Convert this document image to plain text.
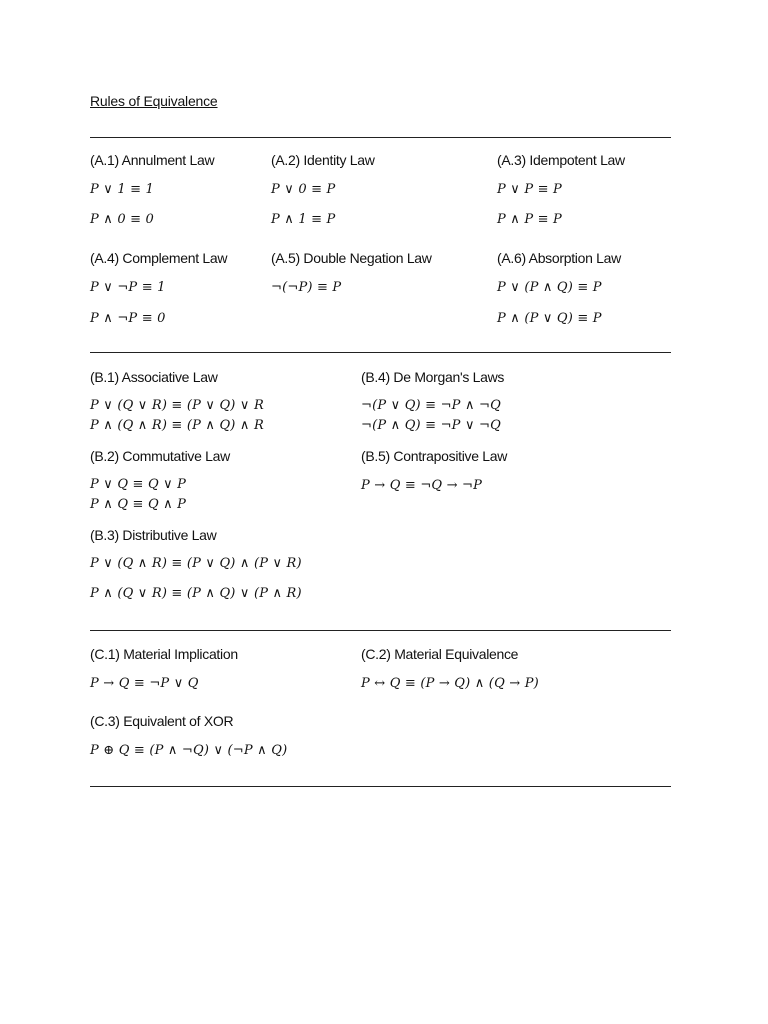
Rules of Equivalence
(A.1) Annulment Law
P ∨ 1 ≡ 1
P ∧ 0 ≡ 0
(A.2) Identity Law
P ∨ 0 ≡ P
P ∧ 1 ≡ P
(A.3) Idempotent Law
P ∨ P ≡ P
P ∧ P ≡ P
(A.4) Complement Law
P ∨ ¬P ≡ 1
P ∧ ¬P ≡ 0
(A.5) Double Negation Law
¬(¬P) ≡ P
(A.6) Absorption Law
P ∨ (P ∧ Q) ≡ P
P ∧ (P ∨ Q) ≡ P
(B.1) Associative Law
P ∨ (Q ∨ R) ≡ (P ∨ Q) ∨ R
P ∧ (Q ∧ R) ≡ (P ∧ Q) ∧ R
(B.2) Commutative Law
P ∨ Q ≡ Q ∨ P
P ∧ Q ≡ Q ∧ P
(B.3) Distributive Law
P ∨ (Q ∧ R) ≡ (P ∨ Q) ∧ (P ∨ R)
P ∧ (Q ∨ R) ≡ (P ∧ Q) ∨ (P ∧ R)
(B.4) De Morgan's Laws
¬(P ∨ Q) ≡ ¬P ∧ ¬Q
¬(P ∧ Q) ≡ ¬P ∨ ¬Q
(B.5) Contrapositive Law
P → Q ≡ ¬Q → ¬P
(C.1) Material Implication
P → Q ≡ ¬P ∨ Q
(C.2) Material Equivalence
P ↔ Q ≡ (P → Q) ∧ (Q → P)
(C.3) Equivalent of XOR
P ⊕ Q ≡ (P ∧ ¬Q) ∨ (¬P ∧ Q)
